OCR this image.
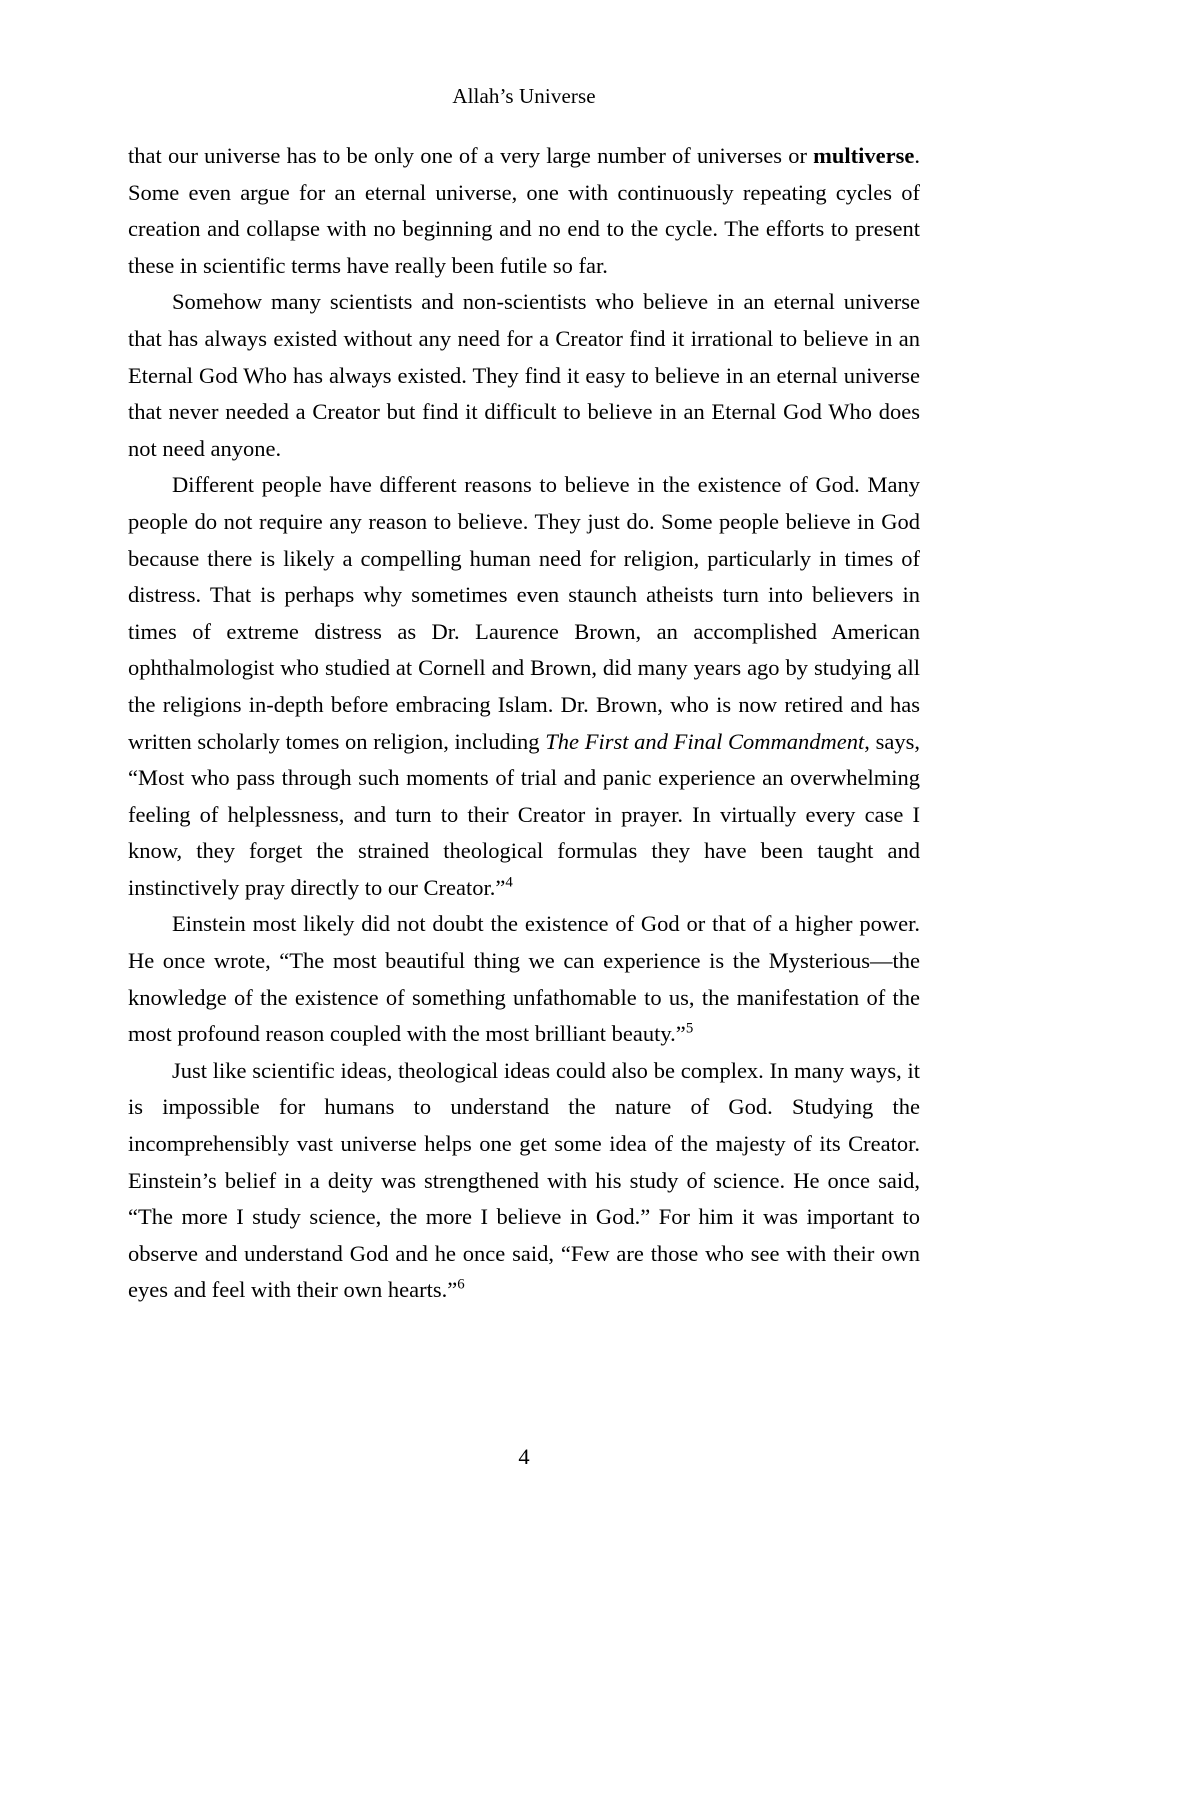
Allah’s Universe

that our universe has to be only one of a very large number of universes or multiverse. Some even argue for an eternal universe, one with continuously repeating cycles of creation and collapse with no beginning and no end to the cycle. The efforts to present these in scientific terms have really been futile so far.

Somehow many scientists and non-scientists who believe in an eternal universe that has always existed without any need for a Creator find it irrational to believe in an Eternal God Who has always existed. They find it easy to believe in an eternal universe that never needed a Creator but find it difficult to believe in an Eternal God Who does not need anyone.

Different people have different reasons to believe in the existence of God. Many people do not require any reason to believe. They just do. Some people believe in God because there is likely a compelling human need for religion, particularly in times of distress. That is perhaps why sometimes even staunch atheists turn into believers in times of extreme distress as Dr. Laurence Brown, an accomplished American ophthalmologist who studied at Cornell and Brown, did many years ago by studying all the religions in-depth before embracing Islam. Dr. Brown, who is now retired and has written scholarly tomes on religion, including The First and Final Commandment, says, “Most who pass through such moments of trial and panic experience an overwhelming feeling of helplessness, and turn to their Creator in prayer. In virtually every case I know, they forget the strained theological formulas they have been taught and instinctively pray directly to our Creator.”$^4$

Einstein most likely did not doubt the existence of God or that of a higher power. He once wrote, “The most beautiful thing we can experience is the Mysterious—the knowledge of the existence of something unfathomable to us, the manifestation of the most profound reason coupled with the most brilliant beauty.”$^5$

Just like scientific ideas, theological ideas could also be complex. In many ways, it is impossible for humans to understand the nature of God. Studying the incomprehensibly vast universe helps one get some idea of the majesty of its Creator. Einstein’s belief in a deity was strengthened with his study of science. He once said, “The more I study science, the more I believe in God.” For him it was important to observe and understand God and he once said, “Few are those who see with their own eyes and feel with their own hearts.”$^6$

4
